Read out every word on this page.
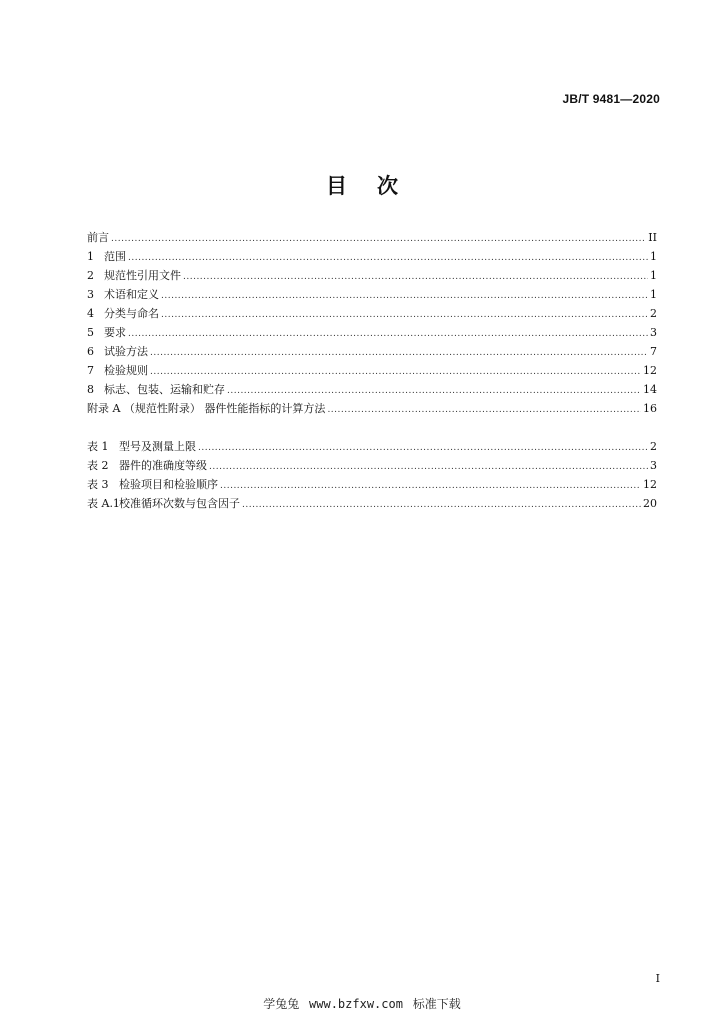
JB/T 9481—2020
目 次
前言 .....	II
1 范围 .....	1
2 规范性引用文件 .....	1
3 术语和定义 .....	1
4 分类与命名 .....	2
5 要求 .....	3
6 试验方法 .....	7
7 检验规则 .....	12
8 标志、包装、运输和贮存 .....	14
附录 A （规范性附录） 器件性能指标的计算方法 .....	16
表 1 型号及测量上限 .....	2
表 2 器件的准确度等级 .....	3
表 3 检验项目和检验顺序 .....	12
表 A.1 校准循环次数与包含因子 .....	20
I
学兔兔 www.bzfxw.com 标准下载
